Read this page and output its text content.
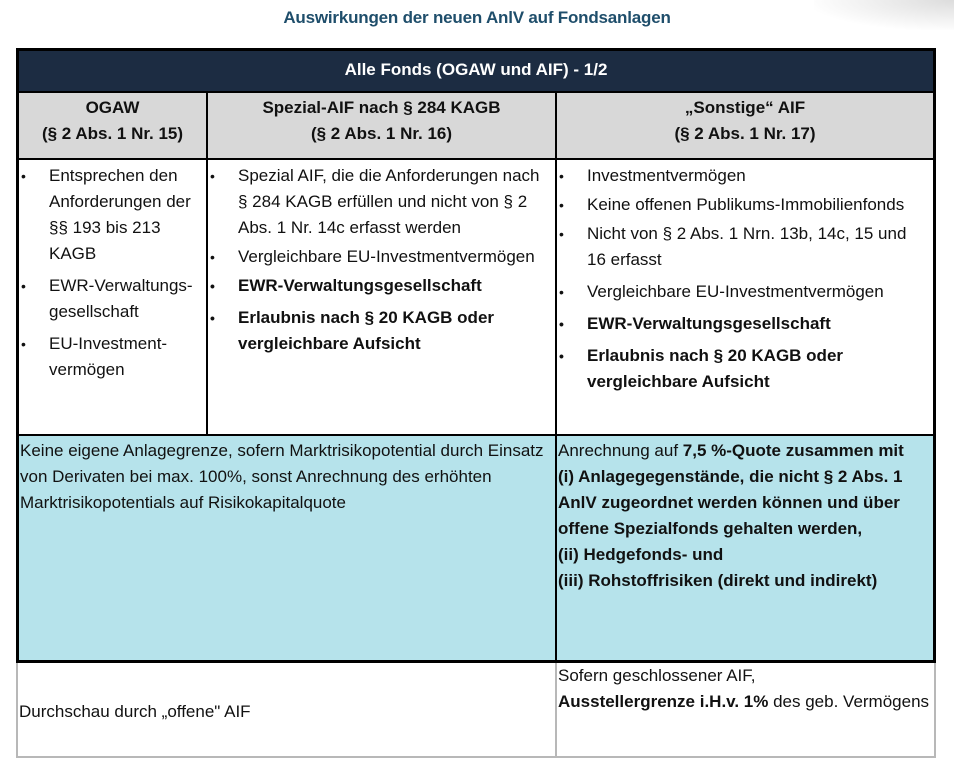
Auswirkungen der neuen AnlV auf Fondsanlagen
Alle Fonds (OGAW und AIF) - 1/2
OGAW
(§ 2 Abs. 1 Nr. 15)
Spezial-AIF nach § 284 KAGB
(§ 2 Abs. 1 Nr. 16)
„Sonstige“ AIF
(§ 2 Abs. 1 Nr. 17)
• Entsprechen den Anforderungen der §§ 193 bis 213 KAGB
• EWR-Verwaltungs-gesellschaft
• EU-Investment-vermögen
• Spezial AIF, die die Anforderungen nach § 284 KAGB erfüllen und nicht von § 2 Abs. 1 Nr. 14c erfasst werden
• Vergleichbare EU-Investmentvermögen
• EWR-Verwaltungsgesellschaft
• Erlaubnis nach § 20 KAGB oder vergleichbare Aufsicht
• Investmentvermögen
• Keine offenen Publikums-Immobilienfonds
• Nicht von § 2 Abs. 1 Nrn. 13b, 14c, 15 und 16 erfasst
• Vergleichbare EU-Investmentvermögen
• EWR-Verwaltungsgesellschaft
• Erlaubnis nach § 20 KAGB oder vergleichbare Aufsicht
Keine eigene Anlagegrenze, sofern Marktrisikopotential durch Einsatz von Derivaten bei max. 100%, sonst Anrechnung des erhöhten Marktrisikopotentials auf Risikokapitalquote
Anrechnung auf 7,5 %-Quote zusammen mit
(i) Anlagegegenstände, die nicht § 2 Abs. 1 AnlV zugeordnet werden können und über offene Spezialfonds gehalten werden,
(ii) Hedgefonds- und
(iii) Rohstoffrisiken (direkt und indirekt)
Durchschau durch „offene" AIF
Sofern geschlossener AIF,
Ausstellergrenze i.H.v. 1% des geb. Vermögens
